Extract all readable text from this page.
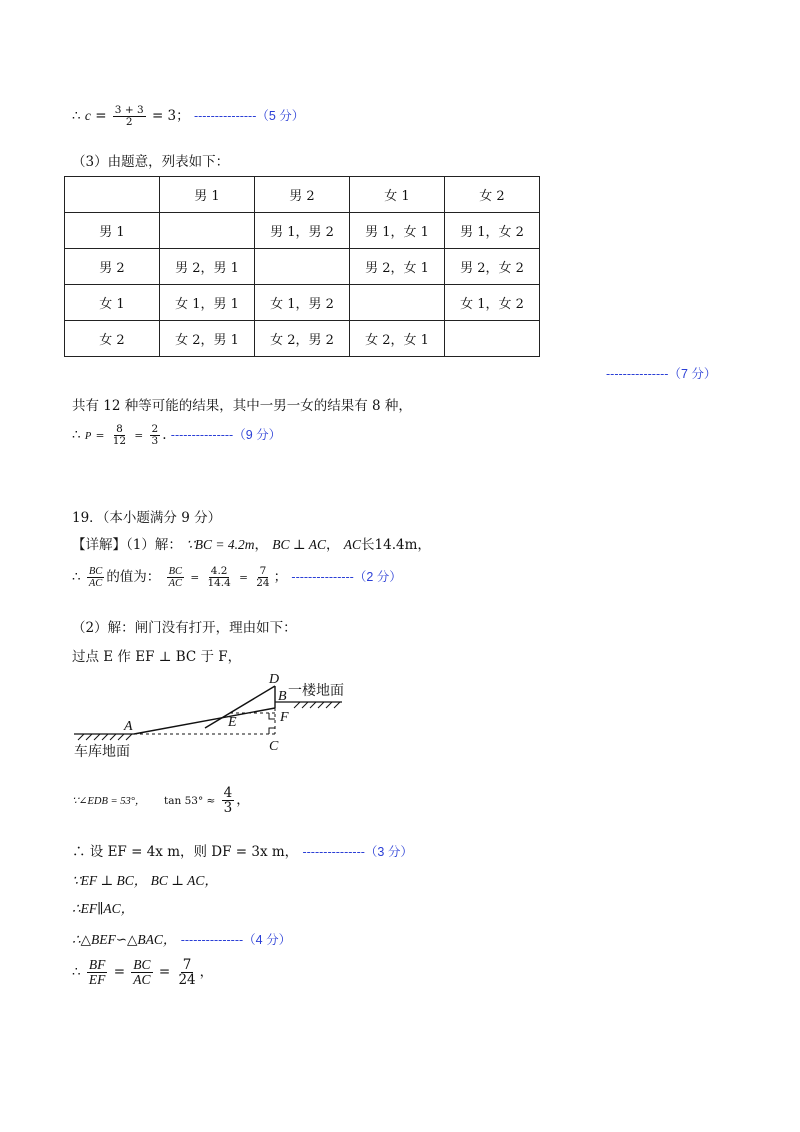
∴ $c = \frac{3 + 3}{2} = 3$； ---------------（5 分）
（3）由题意，列表如下：
	男 1	男 2	女 1	女 2
男 1		男 1，男 2	男 1，女 1	男 1，女 2
男 2	男 2，男 1		男 2，女 1	男 2，女 2
女 1	女 1，男 1	女 1，男 2		女 1，女 2
女 2	女 2，男 1	女 2，男 2	女 2，女 1	
---------------（7 分）
共有 12 种等可能的结果，其中一男一女的结果有 8 种，
∴ $P = \frac{8}{12} = \frac{2}{3}$ . ---------------（9 分）
19．（本小题满分 9 分）
【详解】（1）解： ∵BC = 4.2m， BC ⊥ AC， AC长14.4m，
∴ $\frac{BC}{AC}$ 的值为： $\frac{BC}{AC} = \frac{4.2}{14.4} = \frac{7}{24}$ ； ---------------（2 分）
（2）解：闸门没有打开，理由如下：
过点 E 作 EF ⊥ BC 于 F，
D
B 一楼地面
E	F
A
C
车库地面
∵∠EDB = 53°， $\tan 53^\circ \approx \frac{4}{3}$ ，
∴ 设 EF = 4x m，则 DF = 3x m， ---------------（3 分）
∵EF ⊥ BC， BC ⊥ AC，
∴EF∥AC，
∴△BEF∽△BAC， ---------------（4 分）
∴ $\frac{BF}{EF} = \frac{BC}{AC} = \frac{7}{24}$ ，
